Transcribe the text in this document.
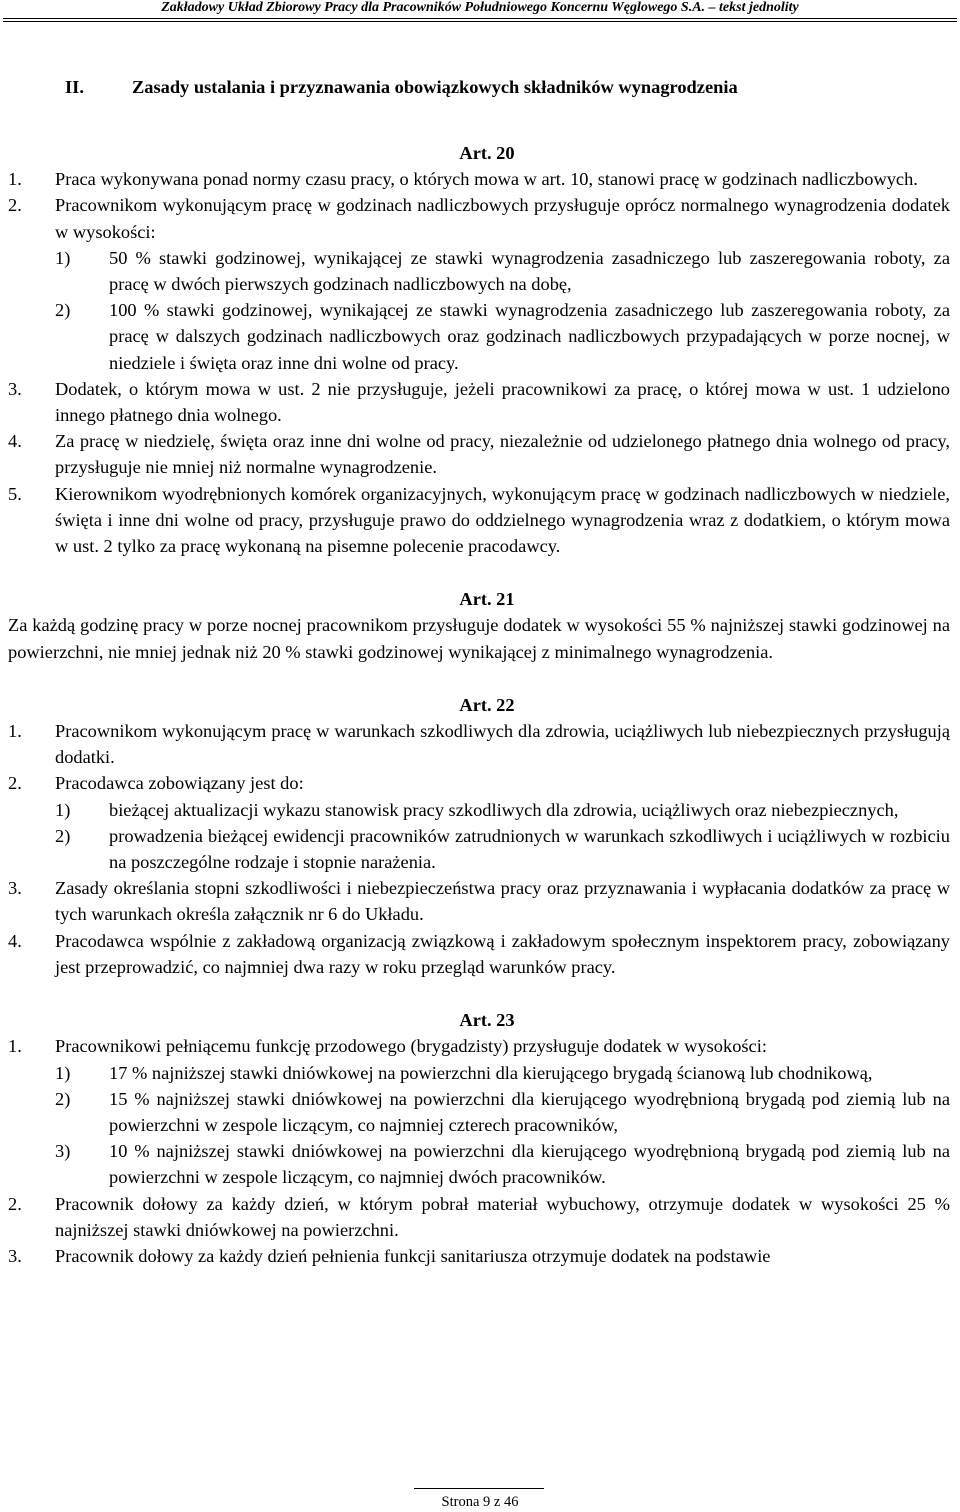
Zakładowy Układ Zbiorowy Pracy dla Pracowników Południowego Koncernu Węglowego S.A. – tekst jednolity
II.	Zasady ustalania i przyznawania obowiązkowych składników wynagrodzenia
Art. 20
1.	Praca wykonywana ponad normy czasu pracy, o których mowa w art. 10, stanowi pracę w godzinach nadliczbowych.
2.	Pracownikom wykonującym pracę w godzinach nadliczbowych przysługuje oprócz normalnego wynagrodzenia dodatek w wysokości:
1)	50 % stawki godzinowej, wynikającej ze stawki wynagrodzenia zasadniczego lub zaszeregowania roboty, za pracę w dwóch pierwszych godzinach nadliczbowych na dobę,
2)	100 % stawki godzinowej, wynikającej ze stawki wynagrodzenia zasadniczego lub zaszeregowania roboty, za pracę w dalszych godzinach nadliczbowych oraz godzinach nadliczbowych przypadających w porze nocnej, w niedziele i święta oraz inne dni wolne od pracy.
3.	Dodatek, o którym mowa w ust. 2 nie przysługuje, jeżeli pracownikowi za pracę, o której mowa w ust. 1 udzielono innego płatnego dnia wolnego.
4.	Za pracę w niedzielę, święta oraz inne dni wolne od pracy, niezależnie od udzielonego płatnego dnia wolnego od pracy, przysługuje nie mniej niż normalne wynagrodzenie.
5.	Kierownikom wyodrębnionych komórek organizacyjnych, wykonującym pracę w godzinach nadliczbowych w niedziele, święta i inne dni wolne od pracy, przysługuje prawo do oddzielnego wynagrodzenia wraz z dodatkiem, o którym mowa w ust. 2 tylko za pracę wykonaną na pisemne polecenie pracodawcy.
Art. 21
Za każdą godzinę pracy w porze nocnej pracownikom przysługuje dodatek w wysokości 55 % najniższej stawki godzinowej na powierzchni, nie mniej jednak niż 20 % stawki godzinowej wynikającej z minimalnego wynagrodzenia.
Art. 22
1.	Pracownikom wykonującym pracę w warunkach szkodliwych dla zdrowia, uciążliwych lub niebezpiecznych przysługują dodatki.
2.	Pracodawca zobowiązany jest do:
1)	bieżącej aktualizacji wykazu stanowisk pracy szkodliwych dla zdrowia, uciążliwych oraz niebezpiecznych,
2)	prowadzenia bieżącej ewidencji pracowników zatrudnionych w warunkach szkodliwych i uciążliwych w rozbiciu na poszczególne rodzaje i stopnie narażenia.
3.	Zasady określania stopni szkodliwości i niebezpieczeństwa pracy oraz przyznawania i wypłacania dodatków za pracę w tych warunkach określa załącznik nr 6 do Układu.
4.	Pracodawca wspólnie z zakładową organizacją związkową i zakładowym społecznym inspektorem pracy, zobowiązany jest przeprowadzić, co najmniej dwa razy w roku przegląd warunków pracy.
Art. 23
1.	Pracownikowi pełniącemu funkcję przodowego (brygadzisty) przysługuje dodatek w wysokości:
1)	17 % najniższej stawki dniówkowej na powierzchni dla kierującego brygadą ścianową lub chodnikową,
2)	15 % najniższej stawki dniówkowej na powierzchni dla kierującego wyodrębnioną brygadą pod ziemią lub na powierzchni w zespole liczącym, co najmniej czterech pracowników,
3)	10 % najniższej stawki dniówkowej na powierzchni dla kierującego wyodrębnioną brygadą pod ziemią lub na powierzchni w zespole liczącym, co najmniej dwóch pracowników.
2.	Pracownik dołowy za każdy dzień, w którym pobrał materiał wybuchowy, otrzymuje dodatek w wysokości 25 % najniższej stawki dniówkowej na powierzchni.
3.	Pracownik dołowy za każdy dzień pełnienia funkcji sanitariusza otrzymuje dodatek na podstawie
Strona 9 z 46
